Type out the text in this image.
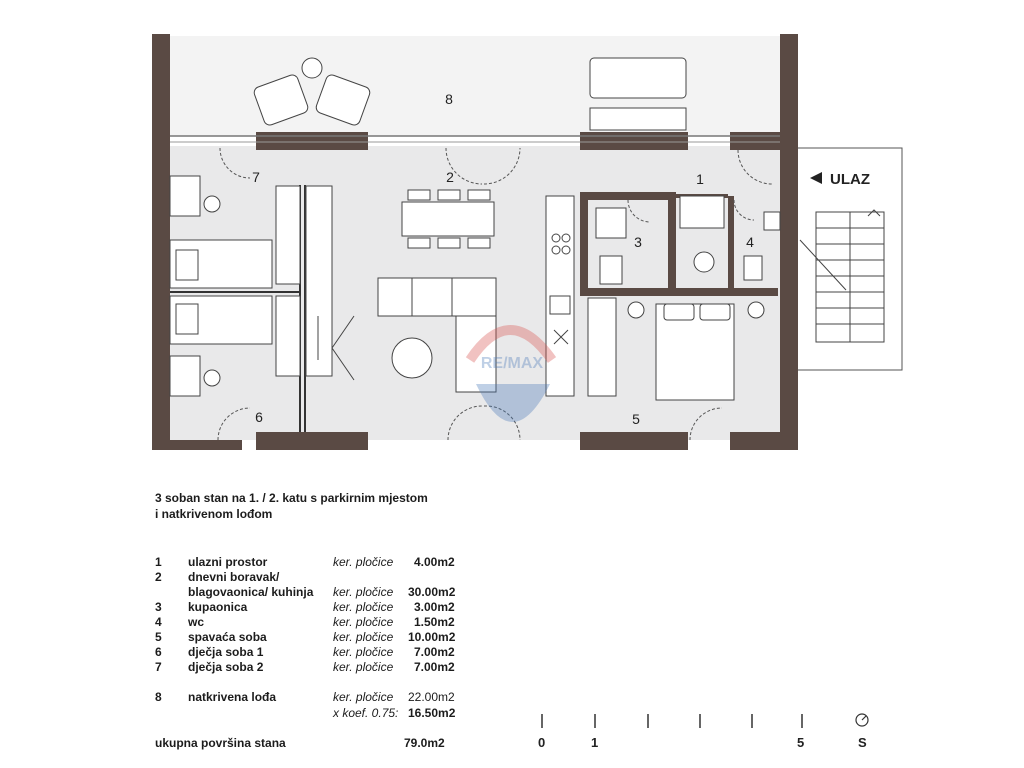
RE/MAX
8
7	2	1
3	4
5
6
ULAZ
3 soban stan na 1. / 2. katu s parkirnim mjestom
i natkrivenom lođom
1 ulazni prostor	ker. pločice 4.00m2
2 dnevni boravak/
blagovaonica/ kuhinja ker. pločice 30.00m2
3 kupaonica	ker. pločice 3.00m2
4 wc	ker. pločice 1.50m2
5 spavaća soba	ker. pločice 10.00m2
6 dječja soba 1	ker. pločice 7.00m2
7 dječja soba 2	ker. pločice 7.00m2
8 natkrivena lođa	ker. pločice 22.00m2
x koef. 0.75: 16.50m2
ukupna površina stana	79.0m2	0	1	5	S
